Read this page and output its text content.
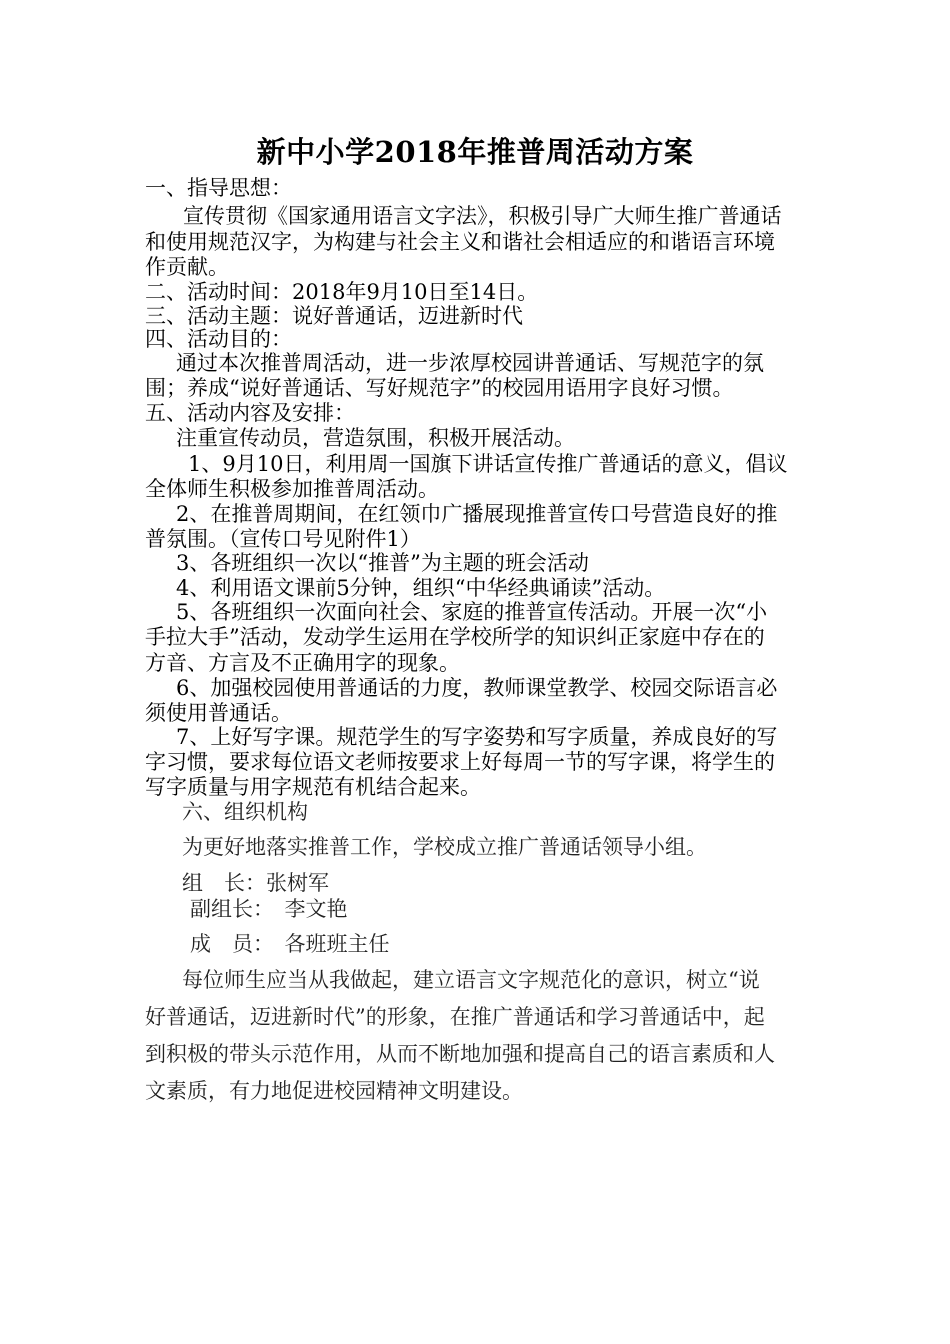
新中小学2018年推普周活动方案
一、指导思想：
宣传贯彻《国家通用语言文字法》，积极引导广大师生推广普通话
和使用规范汉字，为构建与社会主义和谐社会相适应的和谐语言环境
作贡献。
二、活动时间：2018年9月10日至14日。
三、活动主题：说好普通话，迈进新时代
四、活动目的：
通过本次推普周活动，进一步浓厚校园讲普通话、写规范字的氛
围；养成“说好普通话、写好规范字”的校园用语用字良好习惯。
五、活动内容及安排：
注重宣传动员，营造氛围，积极开展活动。
1、9月10日，利用周一国旗下讲话宣传推广普通话的意义，倡议
全体师生积极参加推普周活动。
2、在推普周期间，在红领巾广播展现推普宣传口号营造良好的推
普氛围。（宣传口号见附件1）
3、各班组织一次以“推普”为主题的班会活动
4、利用语文课前5分钟，组织“中华经典诵读”活动。
5、各班组织一次面向社会、家庭的推普宣传活动。开展一次“小
手拉大手”活动，发动学生运用在学校所学的知识纠正家庭中存在的
方音、方言及不正确用字的现象。
6、加强校园使用普通话的力度，教师课堂教学、校园交际语言必
须使用普通话。
7、上好写字课。规范学生的写字姿势和写字质量，养成良好的写
字习惯，要求每位语文老师按要求上好每周一节的写字课，将学生的
写字质量与用字规范有机结合起来。
六、组织机构
为更好地落实推普工作，学校成立推广普通话领导小组。
组　长：张树军
副组长：　李文艳
成　员：　各班班主任
每位师生应当从我做起，建立语言文字规范化的意识，树立“说
好普通话，迈进新时代”的形象，在推广普通话和学习普通话中，起
到积极的带头示范作用，从而不断地加强和提高自己的语言素质和人
文素质，有力地促进校园精神文明建设。
